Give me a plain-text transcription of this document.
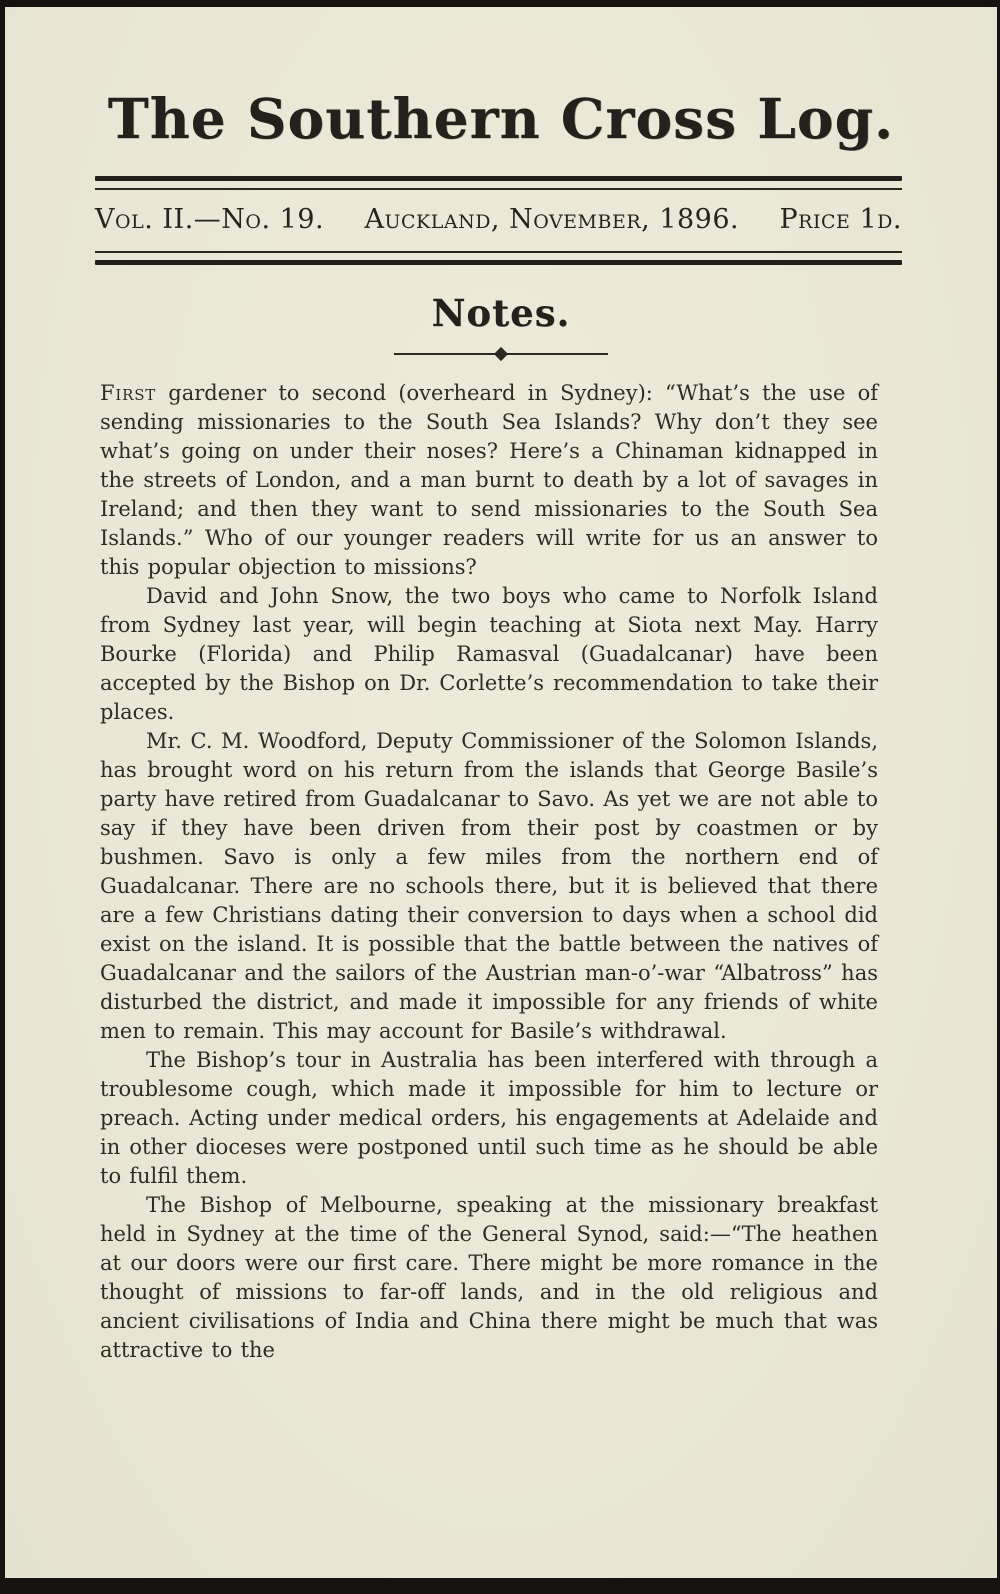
The Southern Cross Log.
Vol. II.—No. 19. Auckland, November, 1896. Price 1d.
Notes.

First gardener to second (overheard in Sydney): “What’s the use of sending missionaries to the South Sea Islands? Why don’t they see what’s going on under their noses? Here’s a Chinaman kidnapped in the streets of London, and a man burnt to death by a lot of savages in Ireland; and then they want to send missionaries to the South Sea Islands.” Who of our younger readers will write for us an answer to this popular objection to missions?

David and John Snow, the two boys who came to Norfolk Island from Sydney last year, will begin teaching at Siota next May. Harry Bourke (Florida) and Philip Ramasval (Guadalcanar) have been accepted by the Bishop on Dr. Corlette’s recommendation to take their places.

Mr. C. M. Woodford, Deputy Commissioner of the Solomon Islands, has brought word on his return from the islands that George Basile’s party have retired from Guadalcanar to Savo. As yet we are not able to say if they have been driven from their post by coastmen or by bushmen. Savo is only a few miles from the northern end of Guadalcanar. There are no schools there, but it is believed that there are a few Christians dating their conversion to days when a school did exist on the island. It is possible that the battle between the natives of Guadalcanar and the sailors of the Austrian man-o’-war “Albatross” has disturbed the district, and made it impossible for any friends of white men to remain. This may account for Basile’s withdrawal.

The Bishop’s tour in Australia has been interfered with through a troublesome cough, which made it impossible for him to lecture or preach. Acting under medical orders, his engagements at Adelaide and in other dioceses were postponed until such time as he should be able to fulfil them.

The Bishop of Melbourne, speaking at the missionary breakfast held in Sydney at the time of the General Synod, said:—“The heathen at our doors were our first care. There might be more romance in the thought of missions to far-off lands, and in the old religious and ancient civilisations of India and China there might be much that was attractive to the
